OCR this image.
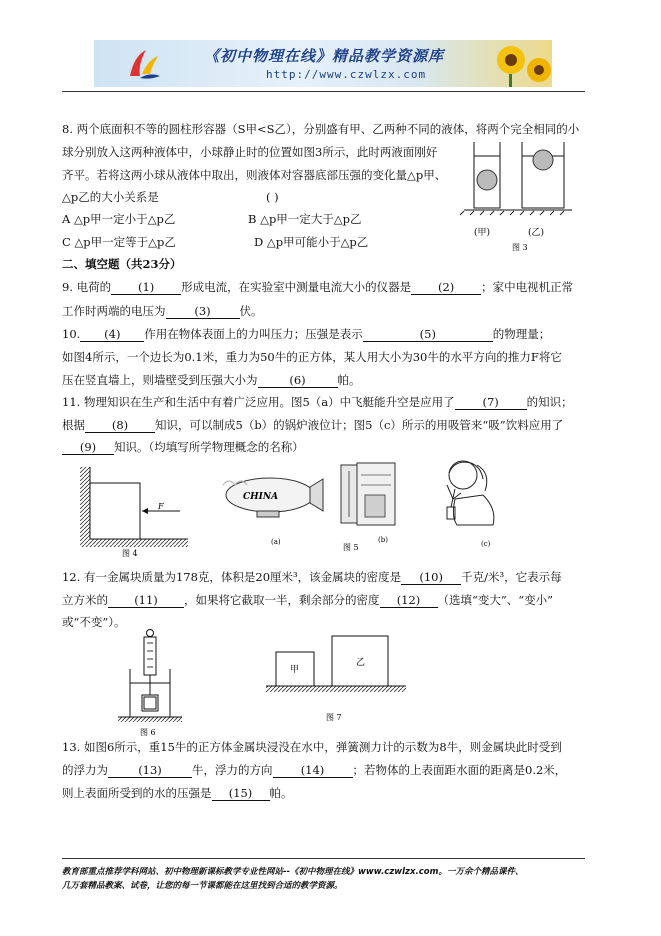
《初中物理在线》精品教学资源库
http://www.czwlzx.com
8. 两个底面积不等的圆柱形容器（S甲<S乙），分别盛有甲、乙两种不同的液体，将两个完全相同的小
球分别放入这两种液体中，小球静止时的位置如图3所示，此时两液面刚好
齐平。若将这两小球从液体中取出，则液体对容器底部压强的变化量△p甲、
△p乙的大小关系是	( )
A △p甲一定小于△p乙	B △p甲一定大于△p乙
C △p甲一定等于△p乙	D △p甲可能小于△p乙
(甲)	(乙)
图 3
二、填空题（共23分）
9. 电荷的 (1) 形成电流，在实验室中测量电流大小的仪器是 (2) ；家中电视机正常
工作时两端的电压为	(3)	伏。
10. (4) 作用在物体表面上的力叫压力；压强是表示	(5)	的物理量；
如图4所示，一个边长为0.1米，重力为50牛的正方体，某人用大小为30牛的水平方向的推力F将它
压在竖直墙上，则墙壁受到压强大小为	(6)	帕。
11. 物理知识在生产和生活中有着广泛应用。图5（a）中飞艇能升空是应用了 (7) 的知识；
根据 (8) 知识，可以制成5（b）的锅炉液位计；图5（c）所示的用吸管来“吸”饮料应用了
(9) 知识。（均填写所学物理概念的名称）
F
图 4
CHINA
(a)	(b)
图 5	(c)
12. 有一金属块质量为178克，体积是20厘米³，该金属块的密度是 (10) 千克/米³，它表示每
立方米的 (11) ，如果将它截取一半，剩余部分的密度 (12) （选填“变大”、“变小”
或“不变”）。
图 6
甲
乙
图 7
13. 如图6所示，重15牛的正方体金属块浸没在水中，弹簧测力计的示数为8牛，则金属块此时受到
的浮力为	(13)	牛，浮力的方向 (14) ；若物体的上表面距水面的距离是0.2米，
则上表面所受到的水的压强是 (15) 帕。
教育部重点推荐学科网站、初中物理新课标教学专业性网站--《初中物理在线》www.czwlzx.com。一万余个精品课件、
几万套精品教案、试卷，让您的每一节课都能在这里找到合适的教学资源。
